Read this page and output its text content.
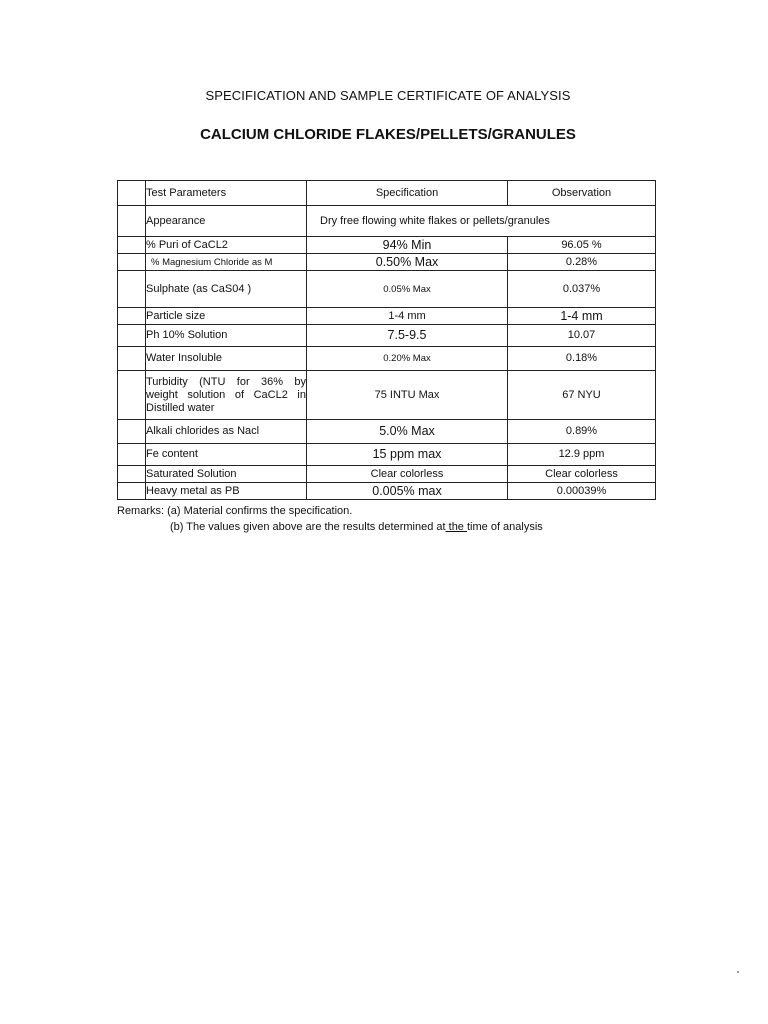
SPECIFICATION AND SAMPLE CERTIFICATE OF ANALYSIS
CALCIUM CHLORIDE FLAKES/PELLETS/GRANULES
	Test Parameters	Specification	Observation
	Appearance	Dry free flowing white flakes or pellets/granules	
	% Puri of CaCL2	94% Min	96.05 %
	% Magnesium Chloride as M	0.50% Max	0.28%
	Sulphate (as CaS04 )	0.05% Max	0.037%
	Particle size	1-4 mm	1-4 mm
	Ph 10% Solution	7.5-9.5	10.07
	Water Insoluble	0.20% Max	0.18%
	Turbidity (NTU for 36% by weight solution of CaCL2 in Distilled water	75 INTU Max	67 NYU
	Alkali chlorides as Nacl	5.0% Max	0.89%
	Fe content	15 ppm max	12.9 ppm
	Saturated Solution	Clear colorless	Clear colorless
	Heavy metal as PB	0.005% max	0.00039%
Remarks: (a) Material confirms the specification.
(b) The values given above are the results determined at the time of analysis
